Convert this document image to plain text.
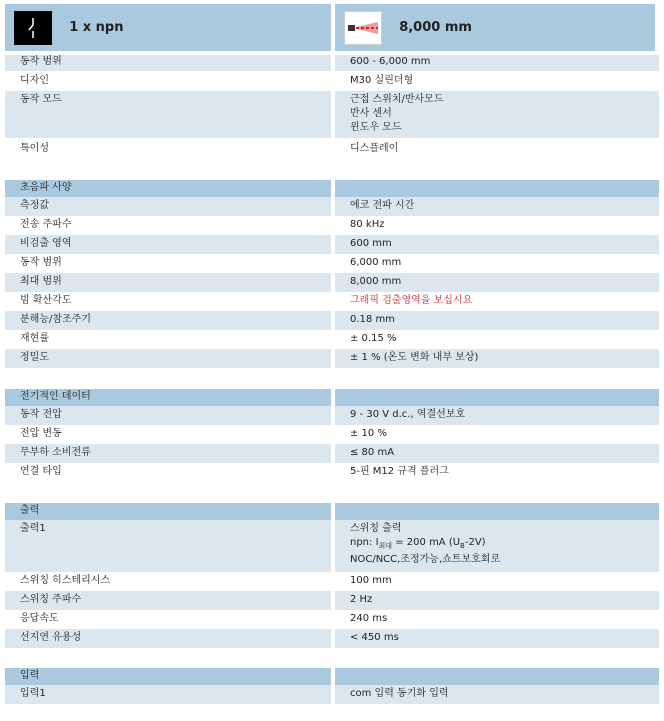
1 x npn	8,000 mm
동작 범위	600 - 6,000 mm
디자인	M30 실린더형
동작 모드	근접 스위치/반사모드
반사 센서
윈도우 모드

특이성	디스플레이
초음파 사양	
측정값	에코 전파 시간
전송 주파수	80 kHz
비검출 영역	600 mm
동작 범위	6,000 mm
최대 범위	8,000 mm
빔 확산각도	그래픽 검출영역을 보십시요
분해능/참조주기	0.18 mm
재현률	± 0.15 %
정밀도	± 1 % (온도 변화 내부 보상)
전기적인 데이터	
동작 전압	9 - 30 V d.c., 역결선보호
전압 변동	± 10 %
무부하 소비전류	≤ 80 mA
연결 타입	5-핀 M12 규격 플러그
출력	
출력1	스위칭 출력
npn: $I_{최대} = 200$ mA $(U_B-2V)$
NOC/NCC,조정가능,쇼트보호회로

스위칭 히스테리시스	100 mm
스위칭 주파수	2 Hz
응답속도	240 ms
선지연 유용성	< 450 ms
입력	
입력1	com 입력 동기화 입력
